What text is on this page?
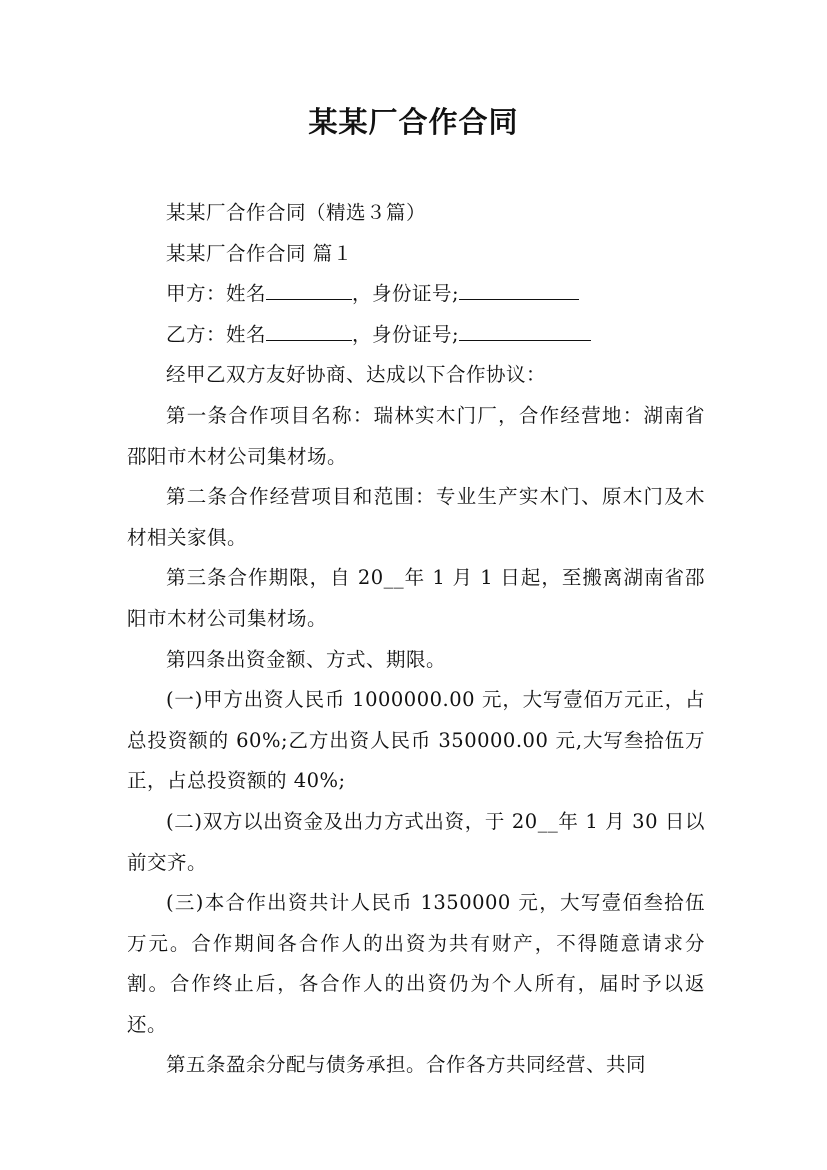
某某厂合作合同

某某厂合作合同（精选３篇）

某某厂合作合同 篇１

甲方：姓名	，身份证号;

乙方：姓名	，身份证号;

经甲乙双方友好协商、达成以下合作协议：

第一条合作项目名称：瑞林实木门厂，合作经营地：湖南省邵阳市木材公司集材场。

第二条合作经营项目和范围：专业生产实木门、原木门及木材相关家俱。

第三条合作期限，自 20__年 1 月 1 日起，至搬离湖南省邵阳市木材公司集材场。

第四条出资金额、方式、期限。

(一)甲方出资人民币 1000000.00 元，大写壹佰万元正，占总投资额的 60%;乙方出资人民币 350000.00 元,大写叁拾伍万正，占总投资额的 40%;

(二)双方以出资金及出力方式出资，于 20__年 1 月 30 日以前交齐。

(三)本合作出资共计人民币 1350000 元，大写壹佰叁拾伍万元。合作期间各合作人的出资为共有财产，不得随意请求分割。合作终止后，各合作人的出资仍为个人所有，届时予以返还。

第五条盈余分配与债务承担。合作各方共同经营、共同
